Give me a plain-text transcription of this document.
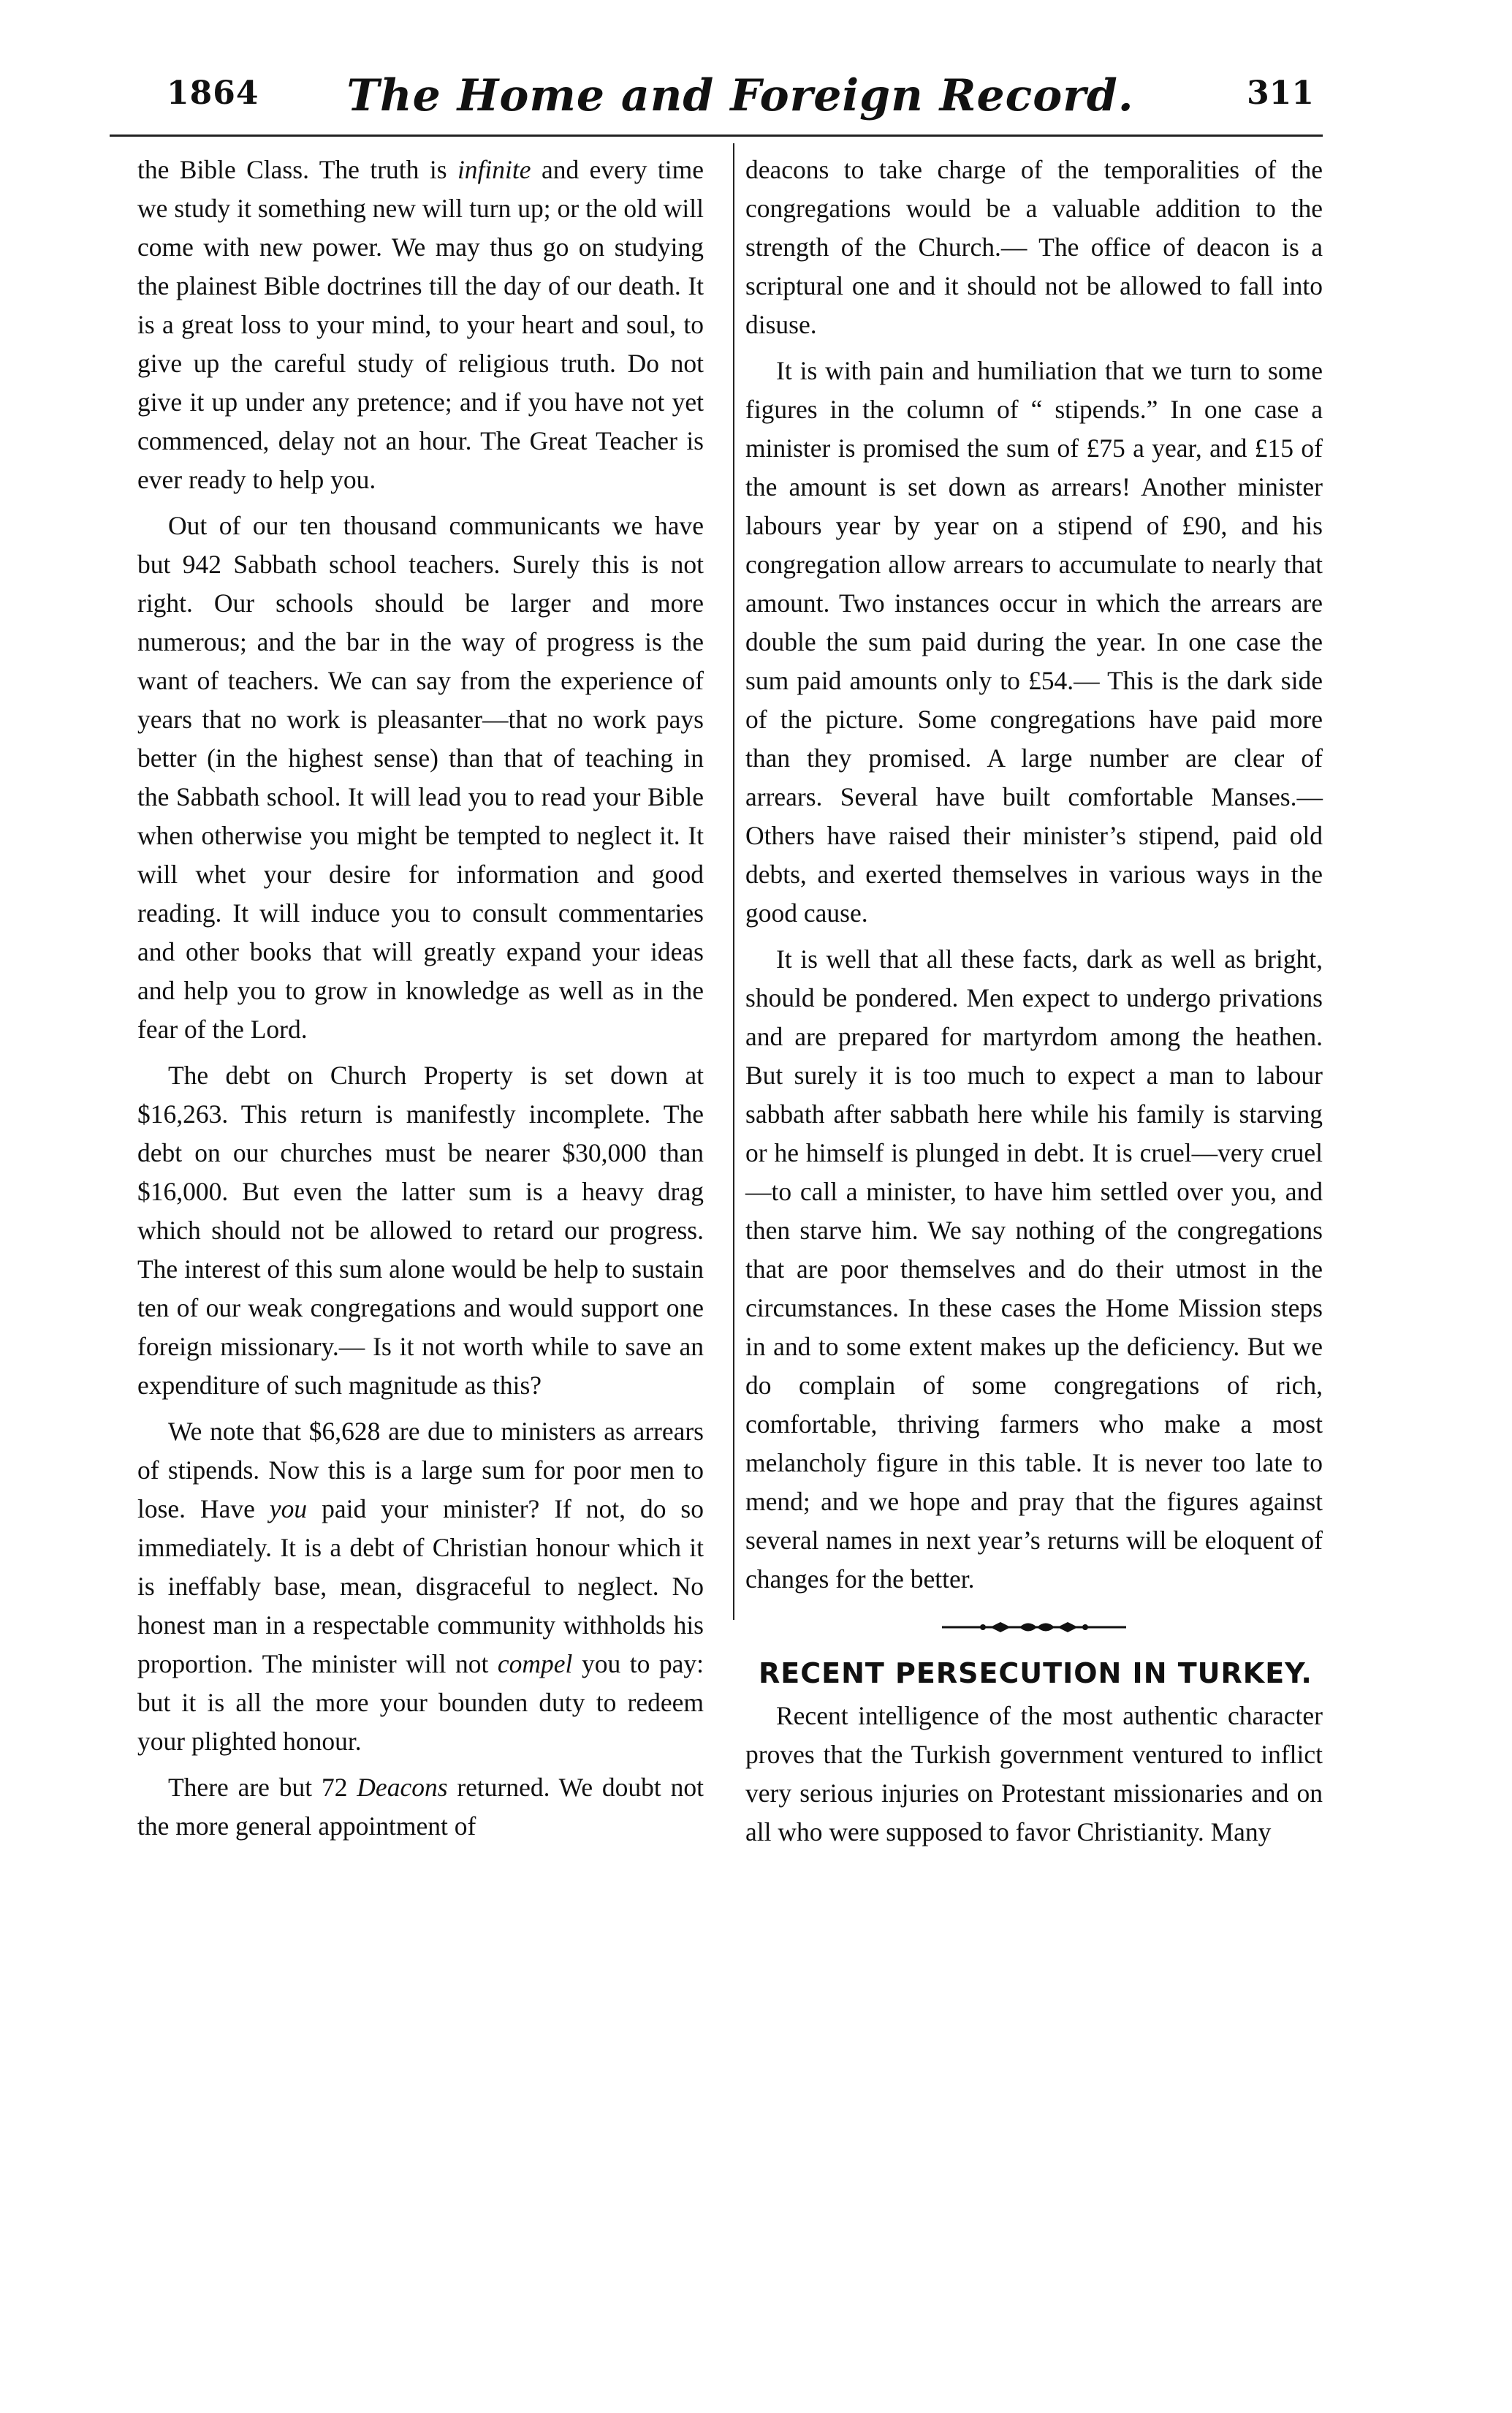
1864	The Home and Foreign Record.	311

the Bible Class. The truth is infinite and every time we study it something new will turn up; or the old will come with new power. We may thus go on studying the plainest Bible doctrines till the day of our death. It is a great loss to your mind, to your heart and soul, to give up the careful study of religious truth. Do not give it up under any pretence; and if you have not yet commenced, delay not an hour. The Great Teacher is ever ready to help you.

Out of our ten thousand communicants we have but 942 Sabbath school teachers. Surely this is not right. Our schools should be larger and more numerous; and the bar in the way of progress is the want of teachers. We can say from the experience of years that no work is pleasanter—that no work pays better (in the highest sense) than that of teaching in the Sabbath school. It will lead you to read your Bible when otherwise you might be tempted to neglect it. It will whet your desire for information and good reading. It will induce you to consult commentaries and other books that will greatly expand your ideas and help you to grow in knowledge as well as in the fear of the Lord.

The debt on Church Property is set down at $16,263. This return is manifestly incomplete. The debt on our churches must be nearer $30,000 than $16,000. But even the latter sum is a heavy drag which should not be allowed to retard our progress. The interest of this sum alone would be help to sustain ten of our weak congregations and would support one foreign missionary.— Is it not worth while to save an expenditure of such magnitude as this?

We note that $6,628 are due to ministers as arrears of stipends. Now this is a large sum for poor men to lose. Have you paid your minister? If not, do so immediately. It is a debt of Christian honour which it is ineffably base, mean, disgraceful to neglect. No honest man in a respectable community withholds his proportion. The minister will not compel you to pay: but it is all the more your bounden duty to redeem your plighted honour.

There are but 72 Deacons returned. We doubt not the more general appointment of

deacons to take charge of the temporalities of the congregations would be a valuable addition to the strength of the Church.— The office of deacon is a scriptural one and it should not be allowed to fall into disuse.

It is with pain and humiliation that we turn to some figures in the column of “ stipends.” In one case a minister is promised the sum of £75 a year, and £15 of the amount is set down as arrears! Another minister labours year by year on a stipend of £90, and his congregation allow arrears to accumulate to nearly that amount. Two instances occur in which the arrears are double the sum paid during the year. In one case the sum paid amounts only to £54.— This is the dark side of the picture. Some congregations have paid more than they promised. A large number are clear of arrears. Several have built comfortable Manses.— Others have raised their minister’s stipend, paid old debts, and exerted themselves in various ways in the good cause.

It is well that all these facts, dark as well as bright, should be pondered. Men expect to undergo privations and are prepared for martyrdom among the heathen. But surely it is too much to expect a man to labour sabbath after sabbath here while his family is starving or he himself is plunged in debt. It is cruel—very cruel—to call a minister, to have him settled over you, and then starve him. We say nothing of the congregations that are poor themselves and do their utmost in the circumstances. In these cases the Home Mission steps in and to some extent makes up the deficiency. But we do complain of some congregations of rich, comfortable, thriving farmers who make a most melancholy figure in this table. It is never too late to mend; and we hope and pray that the figures against several names in next year’s returns will be eloquent of changes for the better.

RECENT PERSECUTION IN TURKEY.

Recent intelligence of the most authentic character proves that the Turkish government ventured to inflict very serious injuries on Protestant missionaries and on all who were supposed to favor Christianity. Many
